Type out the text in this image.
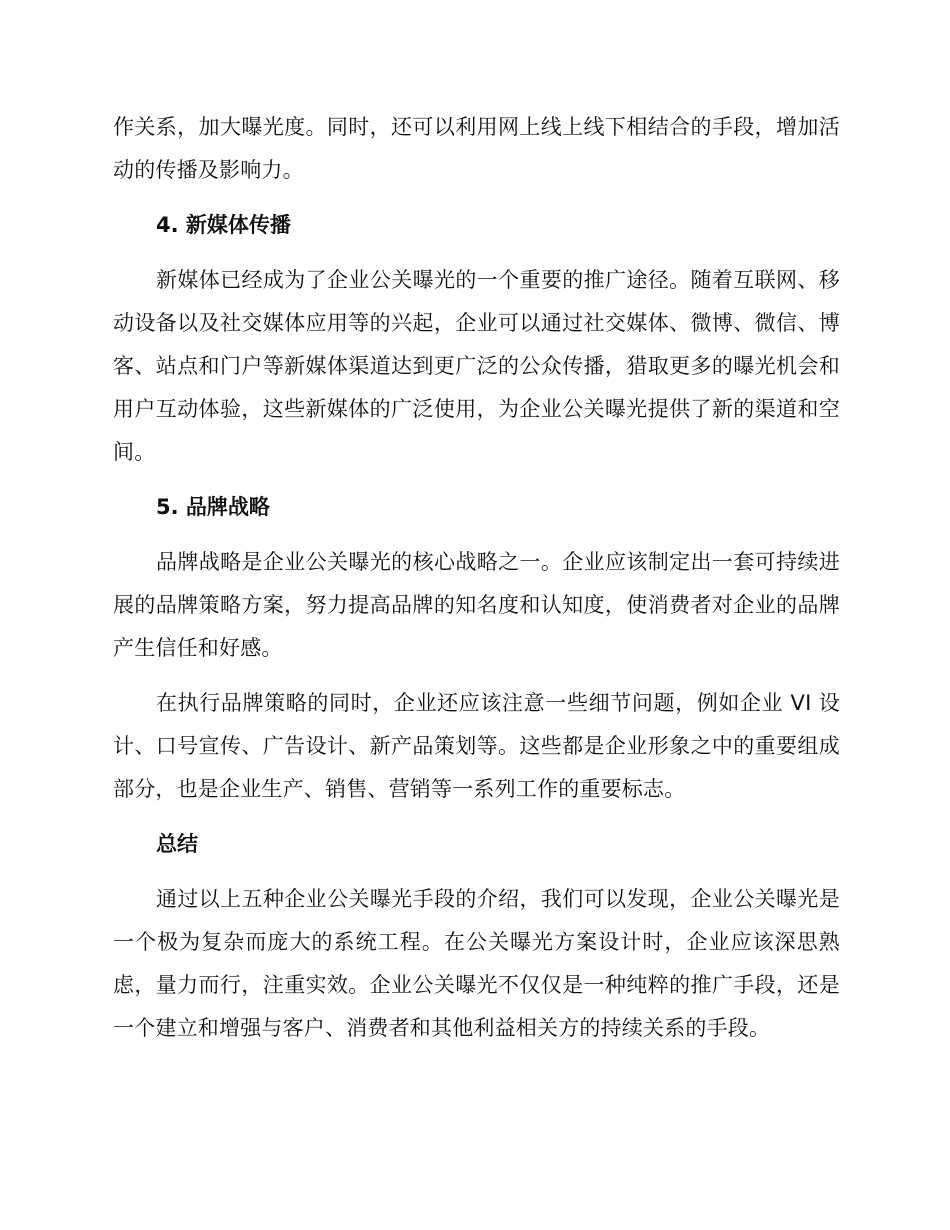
作关系，加大曝光度。同时，还可以利用网上线上线下相结合的手段，增加活动的传播及影响力。

4. 新媒体传播

新媒体已经成为了企业公关曝光的一个重要的推广途径。随着互联网、移动设备以及社交媒体应用等的兴起，企业可以通过社交媒体、微博、微信、博客、站点和门户等新媒体渠道达到更广泛的公众传播，猎取更多的曝光机会和用户互动体验，这些新媒体的广泛使用，为企业公关曝光提供了新的渠道和空间。

5. 品牌战略

品牌战略是企业公关曝光的核心战略之一。企业应该制定出一套可持续进展的品牌策略方案，努力提高品牌的知名度和认知度，使消费者对企业的品牌产生信任和好感。

在执行品牌策略的同时，企业还应该注意一些细节问题，例如企业 VI 设计、口号宣传、广告设计、新产品策划等。这些都是企业形象之中的重要组成部分，也是企业生产、销售、营销等一系列工作的重要标志。

总结

通过以上五种企业公关曝光手段的介绍，我们可以发现，企业公关曝光是一个极为复杂而庞大的系统工程。在公关曝光方案设计时，企业应该深思熟虑，量力而行，注重实效。企业公关曝光不仅仅是一种纯粹的推广手段，还是一个建立和增强与客户、消费者和其他利益相关方的持续关系的手段。
